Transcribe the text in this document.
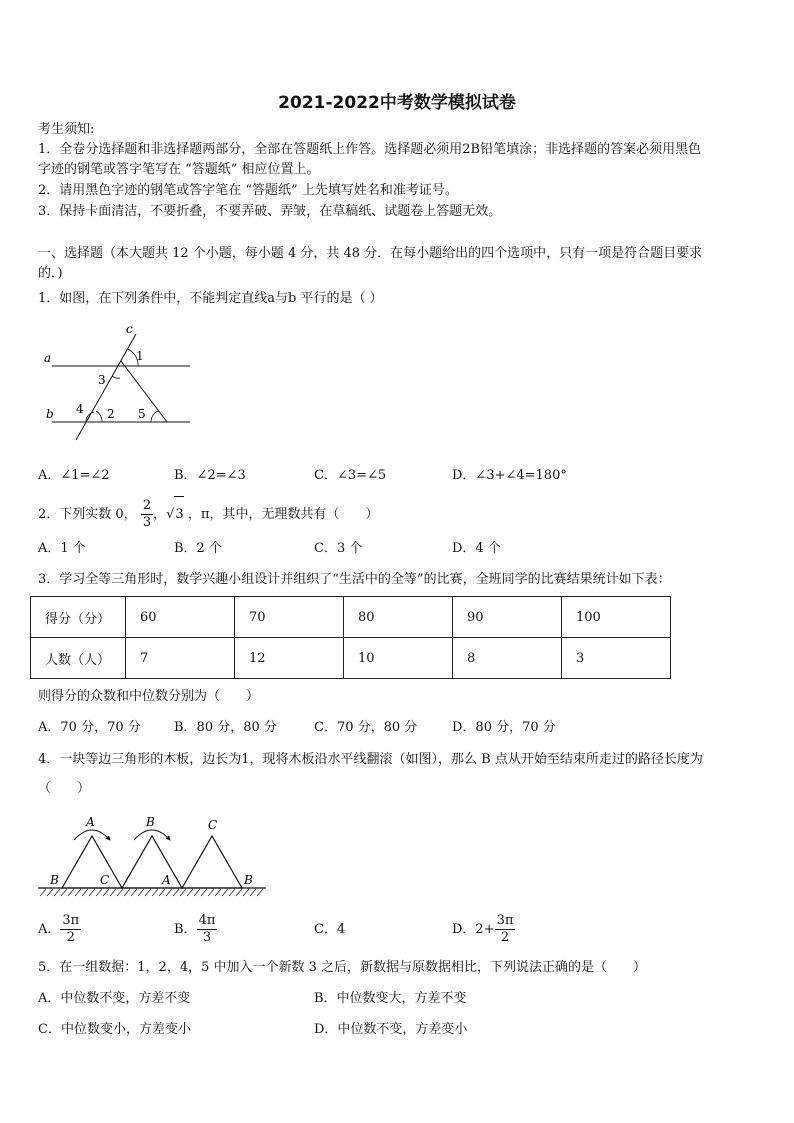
2021-2022中考数学模拟试卷
考生须知:
1．全卷分选择题和非选择题两部分，全部在答题纸上作答。选择题必须用2B铅笔填涂；非选择题的答案必须用黑色
字迹的钢笔或答字笔写在 “答题纸” 相应位置上。
2．请用黑色字迹的钢笔或答字笔在 “答题纸” 上先填写姓名和准考证号。
3．保持卡面清洁，不要折叠，不要弄破、弄皱，在草稿纸、试题卷上答题无效。
一、选择题（本大题共 12 个小题，每小题 4 分，共 48 分．在每小题给出的四个选项中，只有一项是符合题目要求
的．)
1．如图，在下列条件中，不能判定直线a与b 平行的是（ ）
c
a
b
1
3
4 2 5
A．∠1=∠2	B．∠2=∠3	C．∠3=∠5	D．∠3+∠4=180°
2．下列实数 0， $\frac{2}{3}$ ，√3 ，π，其中，无理数共有（　　）
A．1 个	B．2 个	C．3 个	D．4 个
3．学习全等三角形时，数学兴趣小组设计并组织了“生活中的全等”的比赛，全班同学的比赛结果统计如下表：
得分（分）	60	70	80	90	100
人数（人）	7	12	10	8	3
则得分的众数和中位数分别为（　　）
A．70 分，70 分	B．80 分，80 分	C．70 分，80 分	D．80 分，70 分
4．一块等边三角形的木板，边长为1，现将木板沿水平线翻滚（如图），那么 B 点从开始至结束所走过的路径长度为
（　　）
A	B	C
B	C	A	B
A． $\frac{3\pi}{2}$	B． $\frac{4\pi}{3}$	C．4	D．$2+ \frac{3\pi}{2}$
5．在一组数据：1，2，4，5 中加入一个新数 3 之后，新数据与原数据相比，下列说法正确的是（　　）
A．中位数不变，方差不变	B．中位数变大，方差不变
C．中位数变小，方差变小	D．中位数不变，方差变小
